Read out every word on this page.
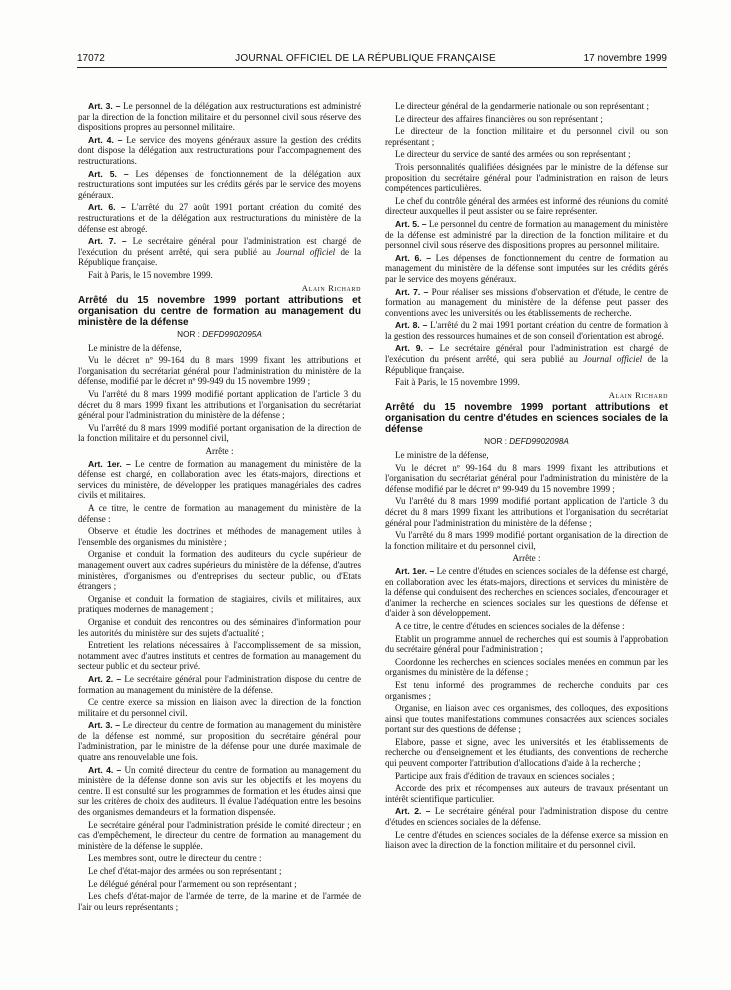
17072	JOURNAL OFFICIEL DE LA RÉPUBLIQUE FRANÇAISE	17 novembre 1999

Art. 3. – Le personnel de la délégation aux restructurations est administré par la direction de la fonction militaire et du personnel civil sous réserve des dispositions propres au personnel militaire.

Art. 4. – Le service des moyens généraux assure la gestion des crédits dont dispose la délégation aux restructurations pour l'accompagnement des restructurations.

Art. 5. – Les dépenses de fonctionnement de la délégation aux restructurations sont imputées sur les crédits gérés par le service des moyens généraux.

Art. 6. – L'arrêté du 27 août 1991 portant création du comité des restructurations et de la délégation aux restructurations du ministère de la défense est abrogé.

Art. 7. – Le secrétaire général pour l'administration est chargé de l'exécution du présent arrêté, qui sera publié au Journal officiel de la République française.

Fait à Paris, le 15 novembre 1999.

Alain Richard

Arrêté du 15 novembre 1999 portant attributions et organisation du centre de formation au management du ministère de la défense

NOR : DEFD9902095A

Le ministre de la défense,

Vu le décret nº 99-164 du 8 mars 1999 fixant les attributions et l'organisation du secrétariat général pour l'administration du ministère de la défense, modifié par le décret nº 99-949 du 15 novembre 1999 ;

Vu l'arrêté du 8 mars 1999 modifié portant application de l'article 3 du décret du 8 mars 1999 fixant les attributions et l'organisation du secrétariat général pour l'administration du ministère de la défense ;

Vu l'arrêté du 8 mars 1999 modifié portant organisation de la direction de la fonction militaire et du personnel civil,

Arrête :

Art. 1er. – Le centre de formation au management du ministère de la défense est chargé, en collaboration avec les états-majors, directions et services du ministère, de développer les pratiques managériales des cadres civils et militaires.

A ce titre, le centre de formation au management du ministère de la défense :

Observe et étudie les doctrines et méthodes de management utiles à l'ensemble des organismes du ministère ;

Organise et conduit la formation des auditeurs du cycle supérieur de management ouvert aux cadres supérieurs du ministère de la défense, d'autres ministères, d'organismes ou d'entreprises du secteur public, ou d'Etats étrangers ;

Organise et conduit la formation de stagiaires, civils et militaires, aux pratiques modernes de management ;

Organise et conduit des rencontres ou des séminaires d'information pour les autorités du ministère sur des sujets d'actualité ;

Entretient les relations nécessaires à l'accomplissement de sa mission, notamment avec d'autres instituts et centres de formation au management du secteur public et du secteur privé.

Art. 2. – Le secrétaire général pour l'administration dispose du centre de formation au management du ministère de la défense.

Ce centre exerce sa mission en liaison avec la direction de la fonction militaire et du personnel civil.

Art. 3. – Le directeur du centre de formation au management du ministère de la défense est nommé, sur proposition du secrétaire général pour l'administration, par le ministre de la défense pour une durée maximale de quatre ans renouvelable une fois.

Art. 4. – Un comité directeur du centre de formation au management du ministère de la défense donne son avis sur les objectifs et les moyens du centre. Il est consulté sur les programmes de formation et les études ainsi que sur les critères de choix des auditeurs. Il évalue l'adéquation entre les besoins des organismes demandeurs et la formation dispensée.

Le secrétaire général pour l'administration préside le comité directeur ; en cas d'empêchement, le directeur du centre de formation au management du ministère de la défense le supplée.

Les membres sont, outre le directeur du centre :

Le chef d'état-major des armées ou son représentant ;

Le délégué général pour l'armement ou son représentant ;

Les chefs d'état-major de l'armée de terre, de la marine et de l'armée de l'air ou leurs représentants ;

Le directeur général de la gendarmerie nationale ou son représentant ;

Le directeur des affaires financières ou son représentant ;

Le directeur de la fonction militaire et du personnel civil ou son représentant ;

Le directeur du service de santé des armées ou son représentant ;

Trois personnalités qualifiées désignées par le ministre de la défense sur proposition du secrétaire général pour l'administration en raison de leurs compétences particulières.

Le chef du contrôle général des armées est informé des réunions du comité directeur auxquelles il peut assister ou se faire représenter.

Art. 5. – Le personnel du centre de formation au management du ministère de la défense est administré par la direction de la fonction militaire et du personnel civil sous réserve des dispositions propres au personnel militaire.

Art. 6. – Les dépenses de fonctionnement du centre de formation au management du ministère de la défense sont imputées sur les crédits gérés par le service des moyens généraux.

Art. 7. – Pour réaliser ses missions d'observation et d'étude, le centre de formation au management du ministère de la défense peut passer des conventions avec les universités ou les établissements de recherche.

Art. 8. – L'arrêté du 2 mai 1991 portant création du centre de formation à la gestion des ressources humaines et de son conseil d'orientation est abrogé.

Art. 9. – Le secrétaire général pour l'administration est chargé de l'exécution du présent arrêté, qui sera publié au Journal officiel de la République française.

Fait à Paris, le 15 novembre 1999.

Alain Richard

Arrêté du 15 novembre 1999 portant attributions et organisation du centre d'études en sciences sociales de la défense

NOR : DEFD9902098A

Le ministre de la défense,

Vu le décret nº 99-164 du 8 mars 1999 fixant les attributions et l'organisation du secrétariat général pour l'administration du ministère de la défense modifié par le décret nº 99-949 du 15 novembre 1999 ;

Vu l'arrêté du 8 mars 1999 modifié portant application de l'article 3 du décret du 8 mars 1999 fixant les attributions et l'organisation du secrétariat général pour l'administration du ministère de la défense ;

Vu l'arrêté du 8 mars 1999 modifié portant organisation de la direction de la fonction militaire et du personnel civil,

Arrête :

Art. 1er. – Le centre d'études en sciences sociales de la défense est chargé, en collaboration avec les états-majors, directions et services du ministère de la défense qui conduisent des recherches en sciences sociales, d'encourager et d'animer la recherche en sciences sociales sur les questions de défense et d'aider à son développement.

A ce titre, le centre d'études en sciences sociales de la défense :

Etablit un programme annuel de recherches qui est soumis à l'approbation du secrétaire général pour l'administration ;

Coordonne les recherches en sciences sociales menées en commun par les organismes du ministère de la défense ;

Est tenu informé des programmes de recherche conduits par ces organismes ;

Organise, en liaison avec ces organismes, des colloques, des expositions ainsi que toutes manifestations communes consacrées aux sciences sociales portant sur des questions de défense ;

Elabore, passe et signe, avec les universités et les établissements de recherche ou d'enseignement et les étudiants, des conventions de recherche qui peuvent comporter l'attribution d'allocations d'aide à la recherche ;

Participe aux frais d'édition de travaux en sciences sociales ;

Accorde des prix et récompenses aux auteurs de travaux présentant un intérêt scientifique particulier.

Art. 2. – Le secrétaire général pour l'administration dispose du centre d'études en sciences sociales de la défense.

Le centre d'études en sciences sociales de la défense exerce sa mission en liaison avec la direction de la fonction militaire et du personnel civil.
